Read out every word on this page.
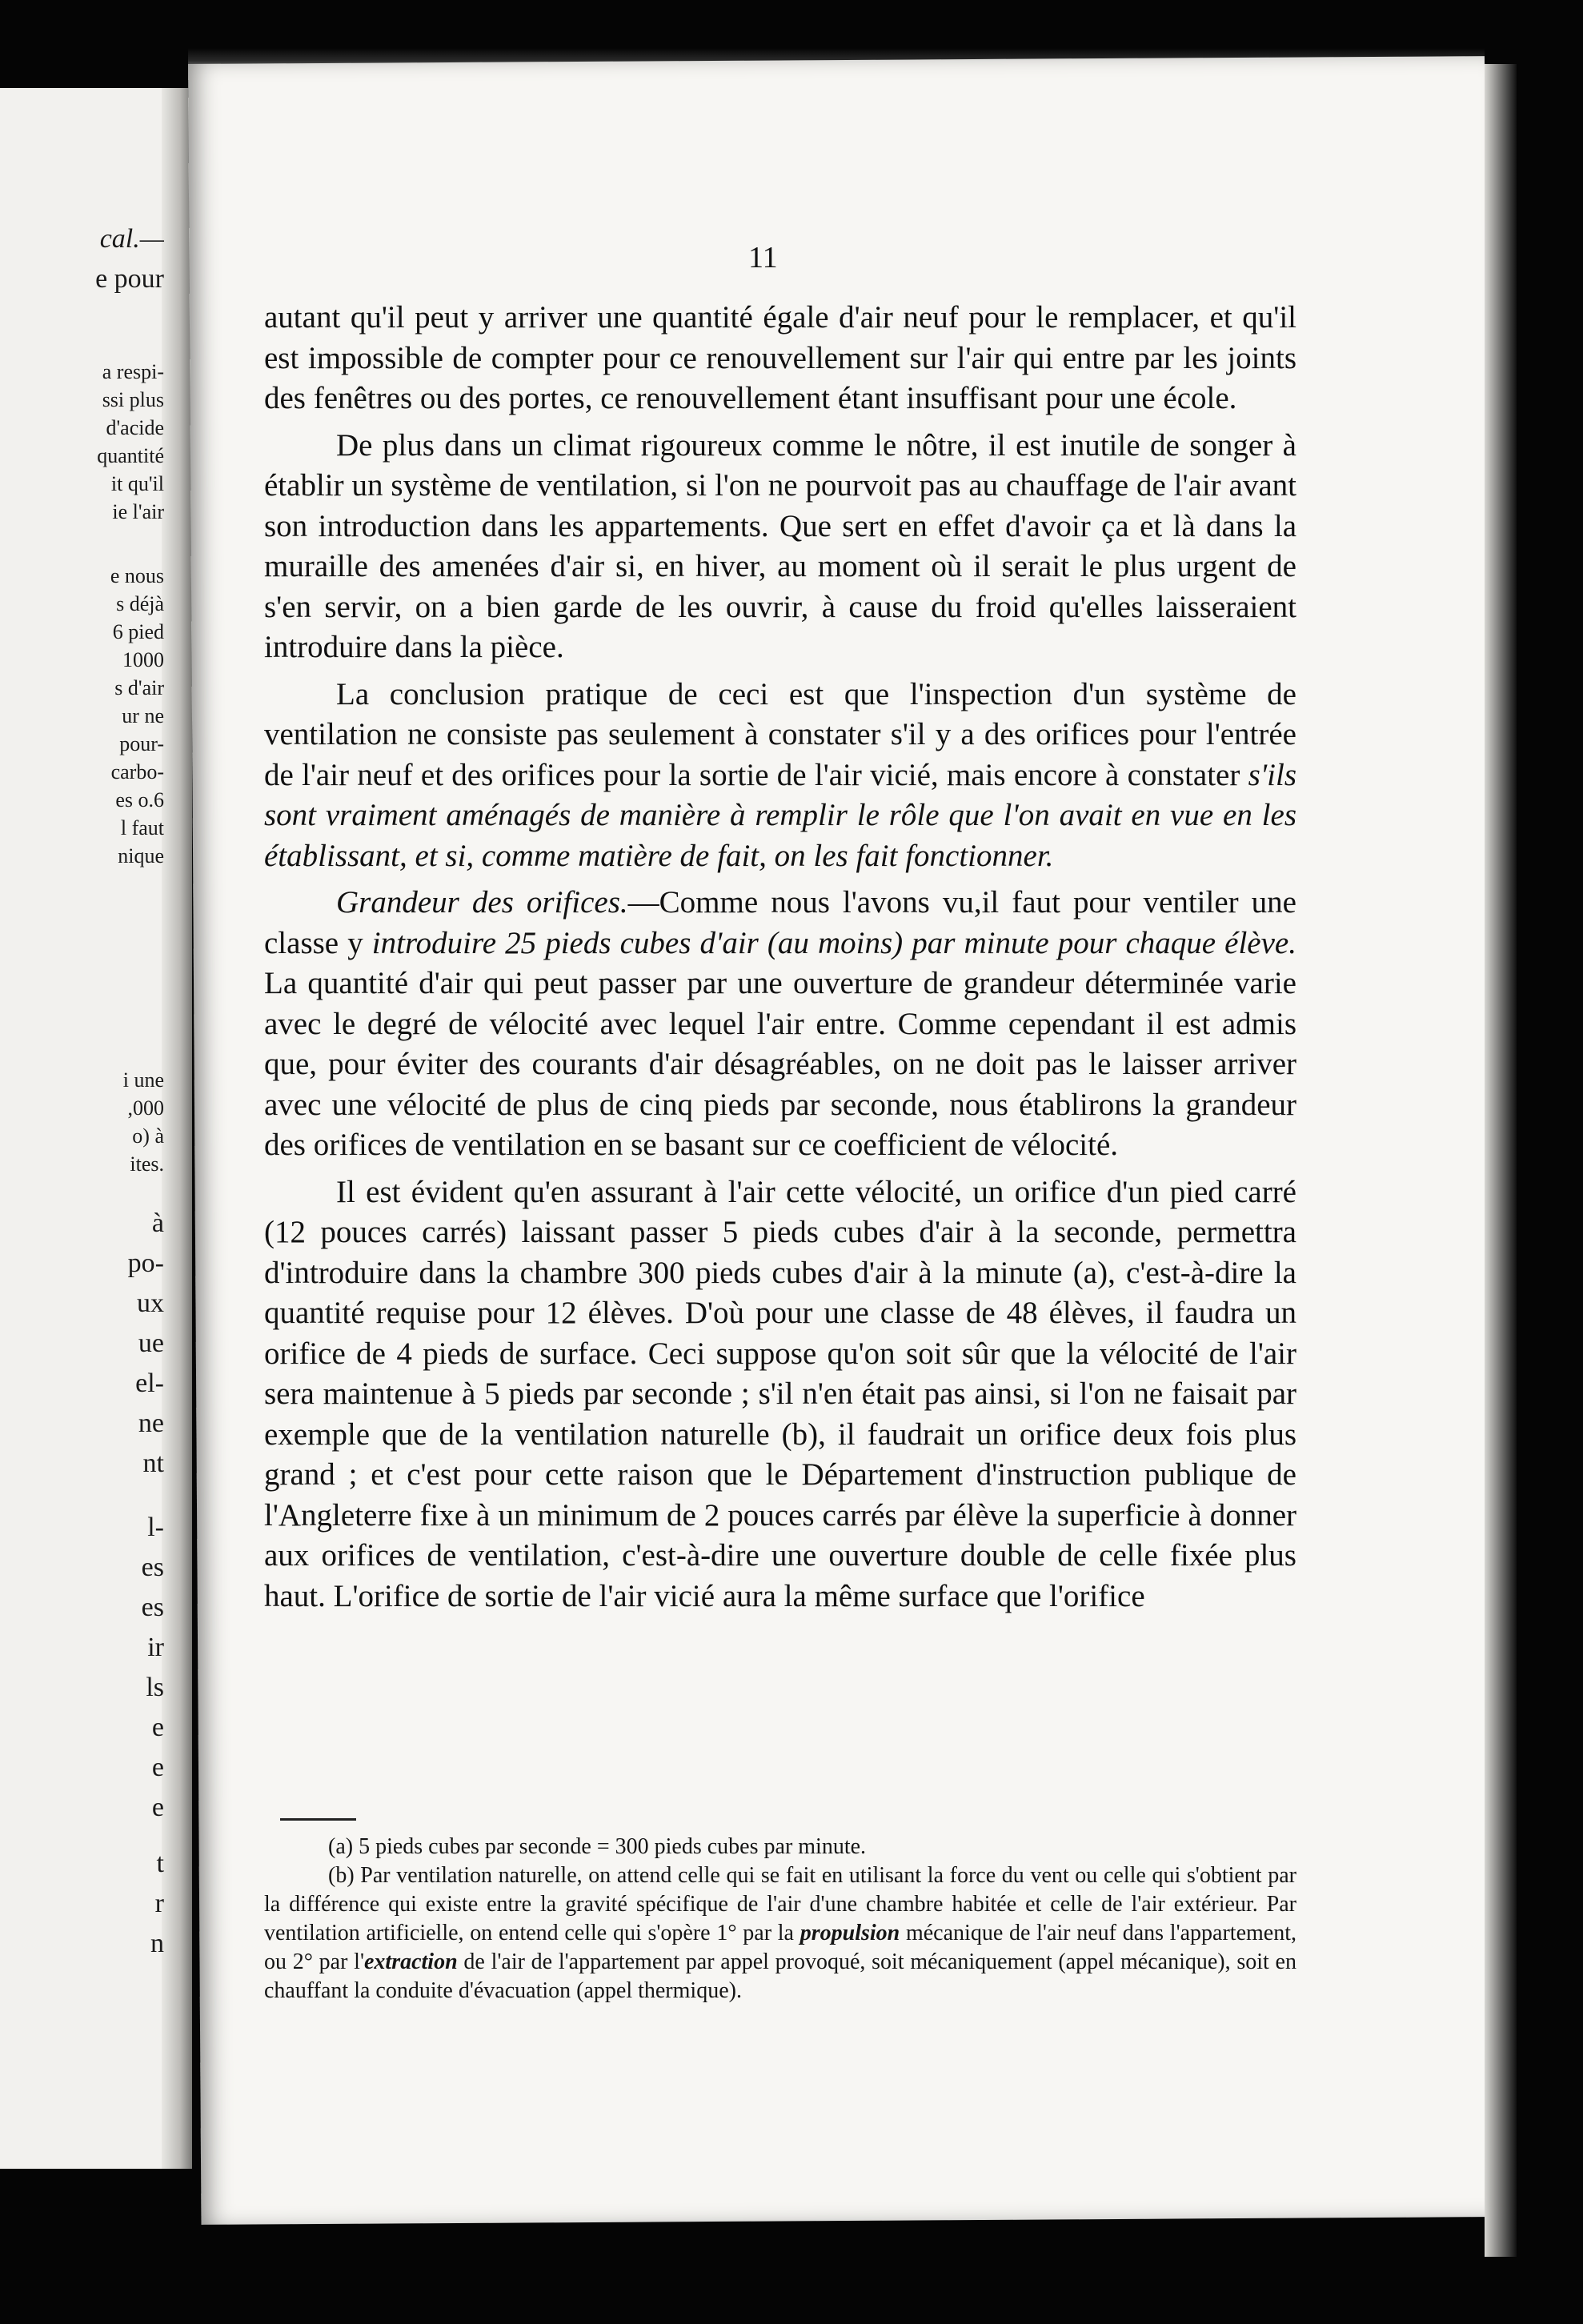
cal.—
e pour
a respi-
ssi plus
d'acide
quantité
it qu'il
ie l'air
e nous
s déjà
6 pied
1000
s d'air
ur ne
pour-
carbo-
es o.6
l faut
nique
i une
,000
o) à
ites.
à
po-
ux
ue
el-
ne
nt
l-
es
es
ir
ls
e
e
e
t
r
n
11

autant qu'il peut y arriver une quantité égale d'air neuf pour le remplacer, et qu'il est impossible de compter pour ce renouvellement sur l'air qui entre par les joints des fenêtres ou des portes, ce renouvellement étant insuffisant pour une école.

De plus dans un climat rigoureux comme le nôtre, il est inutile de songer à établir un système de ventilation, si l'on ne pourvoit pas au chauffage de l'air avant son introduction dans les appartements. Que sert en effet d'avoir ça et là dans la muraille des amenées d'air si, en hiver, au moment où il serait le plus urgent de s'en servir, on a bien garde de les ouvrir, à cause du froid qu'elles laisseraient introduire dans la pièce.

La conclusion pratique de ceci est que l'inspection d'un système de ventilation ne consiste pas seulement à constater s'il y a des orifices pour l'entrée de l'air neuf et des orifices pour la sortie de l'air vicié, mais encore à constater s'ils sont vraiment aménagés de manière à remplir le rôle que l'on avait en vue en les établissant, et si, comme matière de fait, on les fait fonctionner.

Grandeur des orifices.—Comme nous l'avons vu,il faut pour ventiler une classe y introduire 25 pieds cubes d'air (au moins) par minute pour chaque élève. La quantité d'air qui peut passer par une ouverture de grandeur déterminée varie avec le degré de vélocité avec lequel l'air entre. Comme cependant il est admis que, pour éviter des courants d'air désagréables, on ne doit pas le laisser arriver avec une vélocité de plus de cinq pieds par seconde, nous établirons la grandeur des orifices de ventilation en se basant sur ce coefficient de vélocité.

Il est évident qu'en assurant à l'air cette vélocité, un orifice d'un pied carré (12 pouces carrés) laissant passer 5 pieds cubes d'air à la seconde, permettra d'introduire dans la chambre 300 pieds cubes d'air à la minute (a), c'est-à-dire la quantité requise pour 12 élèves. D'où pour une classe de 48 élèves, il faudra un orifice de 4 pieds de surface. Ceci suppose qu'on soit sûr que la vélocité de l'air sera maintenue à 5 pieds par seconde ; s'il n'en était pas ainsi, si l'on ne faisait par exemple que de la ventilation naturelle (b), il faudrait un orifice deux fois plus grand ; et c'est pour cette raison que le Département d'instruction publique de l'Angleterre fixe à un minimum de 2 pouces carrés par élève la superficie à donner aux orifices de ventilation, c'est-à-dire une ouverture double de celle fixée plus haut. L'orifice de sortie de l'air vicié aura la même surface que l'orifice

(a) 5 pieds cubes par seconde = 300 pieds cubes par minute.

(b) Par ventilation naturelle, on attend celle qui se fait en utilisant la force du vent ou celle qui s'obtient par la différence qui existe entre la gravité spécifique de l'air d'une chambre habitée et celle de l'air extérieur. Par ventilation artificielle, on entend celle qui s'opère 1° par la propulsion mécanique de l'air neuf dans l'appartement, ou 2° par l'extraction de l'air de l'appartement par appel provoqué, soit mécaniquement (appel mécanique), soit en chauffant la conduite d'évacuation (appel thermique).
